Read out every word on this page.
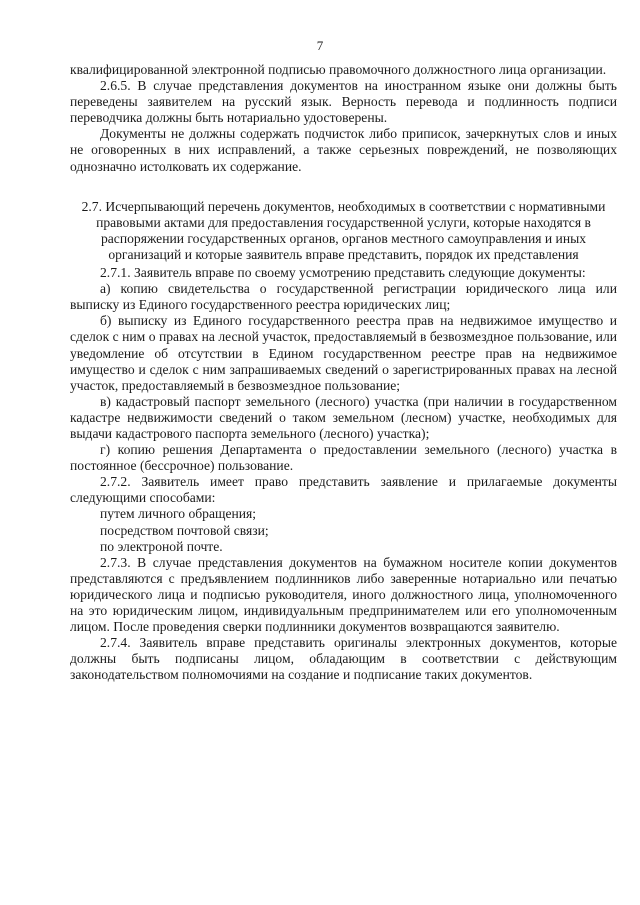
7

квалифицированной электронной подписью правомочного должностного лица организации.

2.6.5. В случае представления документов на иностранном языке они должны быть переведены заявителем на русский язык. Верность перевода и подлинность подписи переводчика должны быть нотариально удостоверены.

Документы не должны содержать подчисток либо приписок, зачеркнутых слов и иных не оговоренных в них исправлений, а также серьезных повреждений, не позволяющих однозначно истолковать их содержание.

2.7. Исчерпывающий перечень документов, необходимых в соответствии с нормативными правовыми актами для предоставления государственной услуги, которые находятся в распоряжении государственных органов, органов местного самоуправления и иных организаций и которые заявитель вправе представить, порядок их представления

2.7.1. Заявитель вправе по своему усмотрению представить следующие документы:

а) копию свидетельства о государственной регистрации юридического лица или выписку из Единого государственного реестра юридических лиц;

б) выписку из Единого государственного реестра прав на недвижимое имущество и сделок с ним о правах на лесной участок, предоставляемый в безвозмездное пользование, или уведомление об отсутствии в Едином государственном реестре прав на недвижимое имущество и сделок с ним запрашиваемых сведений о зарегистрированных правах на лесной участок, предоставляемый в безвозмездное пользование;

в) кадастровый паспорт земельного (лесного) участка (при наличии в государственном кадастре недвижимости сведений о таком земельном (лесном) участке, необходимых для выдачи кадастрового паспорта земельного (лесного) участка);

г) копию решения Департамента о предоставлении земельного (лесного) участка в постоянное (бессрочное) пользование.

2.7.2. Заявитель имеет право представить заявление и прилагаемые документы следующими способами:

путем личного обращения;

посредством почтовой связи;

по электроной почте.

2.7.3. В случае представления документов на бумажном носителе копии документов представляются с предъявлением подлинников либо заверенные нотариально или печатью юридического лица и подписью руководителя, иного должностного лица, уполномоченного на это юридическим лицом, индивидуальным предпринимателем или его уполномоченным лицом. После проведения сверки подлинники документов возвращаются заявителю.

2.7.4. Заявитель вправе представить оригиналы электронных документов, которые должны быть подписаны лицом, обладающим в соответствии с действующим законодательством полномочиями на создание и подписание таких документов.
